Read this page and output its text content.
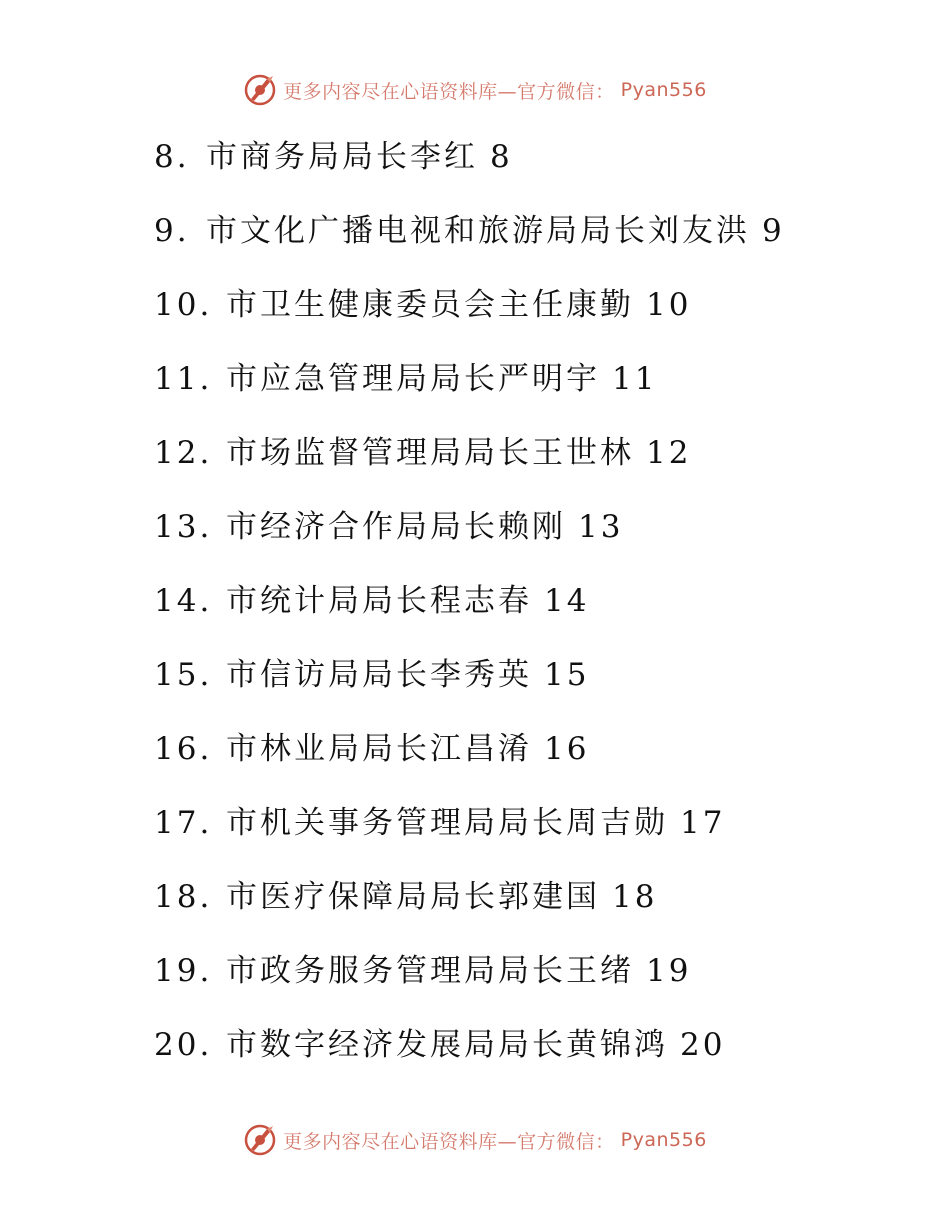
更多内容尽在心语资料库—官方微信： Pyan556
8. 市商务局局长李红 8
9. 市文化广播电视和旅游局局长刘友洪 9
10. 市卫生健康委员会主任康勤 10
11. 市应急管理局局长严明宇 11
12. 市场监督管理局局长王世林 12
13. 市经济合作局局长赖刚 13
14. 市统计局局长程志春 14
15. 市信访局局长李秀英 15
16. 市林业局局长江昌淆 16
17. 市机关事务管理局局长周吉勋 17
18. 市医疗保障局局长郭建国 18
19. 市政务服务管理局局长王绪 19
20. 市数字经济发展局局长黄锦鸿 20
更多内容尽在心语资料库—官方微信： Pyan556
